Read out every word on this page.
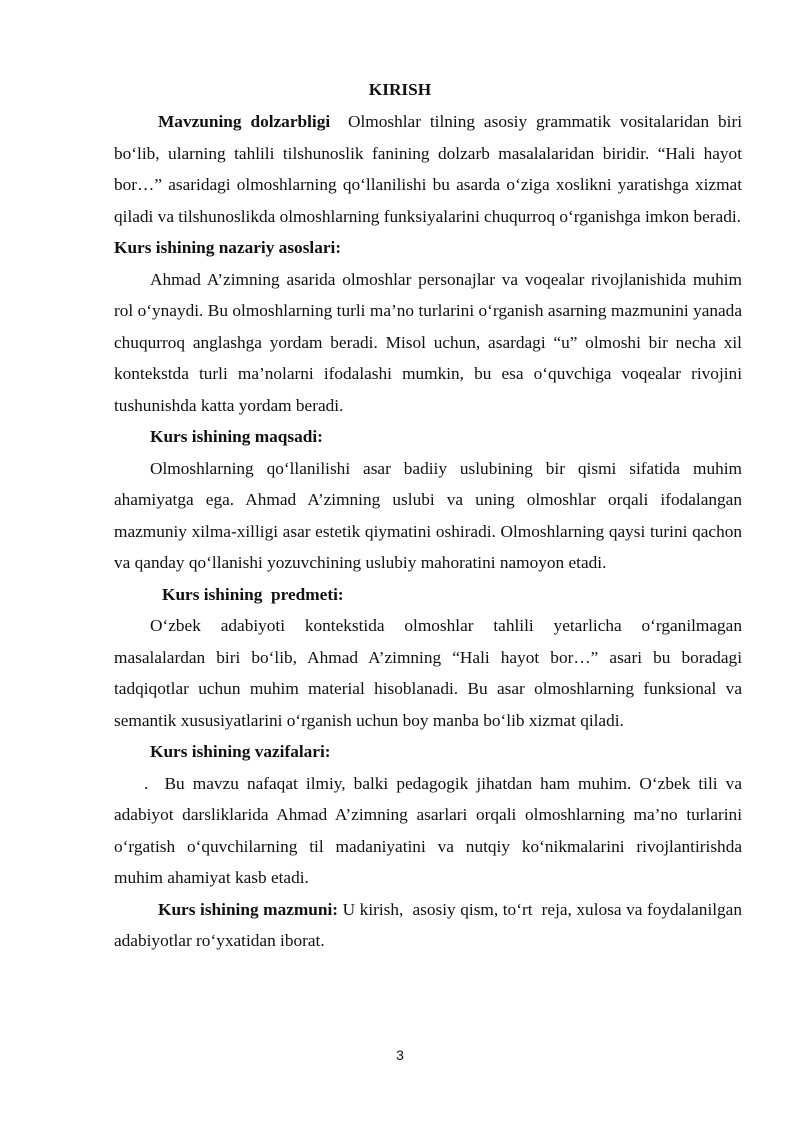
KIRISH

Mavzuning dolzarbligi Olmoshlar tilning asosiy grammatik vositalaridan biri bo‘lib, ularning tahlili tilshunoslik fanining dolzarb masalalaridan biridir. “Hali hayot bor…” asaridagi olmoshlarning qo‘llanilishi bu asarda o‘ziga xoslikni yaratishga xizmat qiladi va tilshunoslikda olmoshlarning funksiyalarini chuqurroq o‘rganishga imkon beradi.

Kurs ishining nazariy asoslari:

Ahmad A’zimning asarida olmoshlar personajlar va voqealar rivojlanishida muhim rol o‘ynaydi. Bu olmoshlarning turli ma’no turlarini o‘rganish asarning mazmunini yanada chuqurroq anglashga yordam beradi. Misol uchun, asardagi “u” olmoshi bir necha xil kontekstda turli ma’nolarni ifodalashi mumkin, bu esa o‘quvchiga voqealar rivojini tushunishda katta yordam beradi.

Kurs ishining maqsadi:

Olmoshlarning qo‘llanilishi asar badiiy uslubining bir qismi sifatida muhim ahamiyatga ega. Ahmad A’zimning uslubi va uning olmoshlar orqali ifodalangan mazmuniy xilma-xilligi asar estetik qiymatini oshiradi. Olmoshlarning qaysi turini qachon va qanday qo‘llanishi yozuvchining uslubiy mahoratini namoyon etadi.

Kurs ishining  predmeti:

O‘zbek adabiyoti kontekstida olmoshlar tahlili yetarlicha o‘rganilmagan masalalardan biri bo‘lib, Ahmad A’zimning “Hali hayot bor…” asari bu boradagi tadqiqotlar uchun muhim material hisoblanadi. Bu asar olmoshlarning funksional va semantik xususiyatlarini o‘rganish uchun boy manba bo‘lib xizmat qiladi.

Kurs ishining vazifalari:

.  Bu mavzu nafaqat ilmiy, balki pedagogik jihatdan ham muhim. O‘zbek tili va adabiyot darsliklarida Ahmad A’zimning asarlari orqali olmoshlarning ma’no turlarini o‘rgatish o‘quvchilarning til madaniyatini va nutqiy ko‘nikmalarini rivojlantirishda muhim ahamiyat kasb etadi.

Kurs ishining mazmuni: U kirish,  asosiy qism, to‘rt  reja, xulosa va foydalanilgan adabiyotlar ro‘yxatidan iborat.

3
